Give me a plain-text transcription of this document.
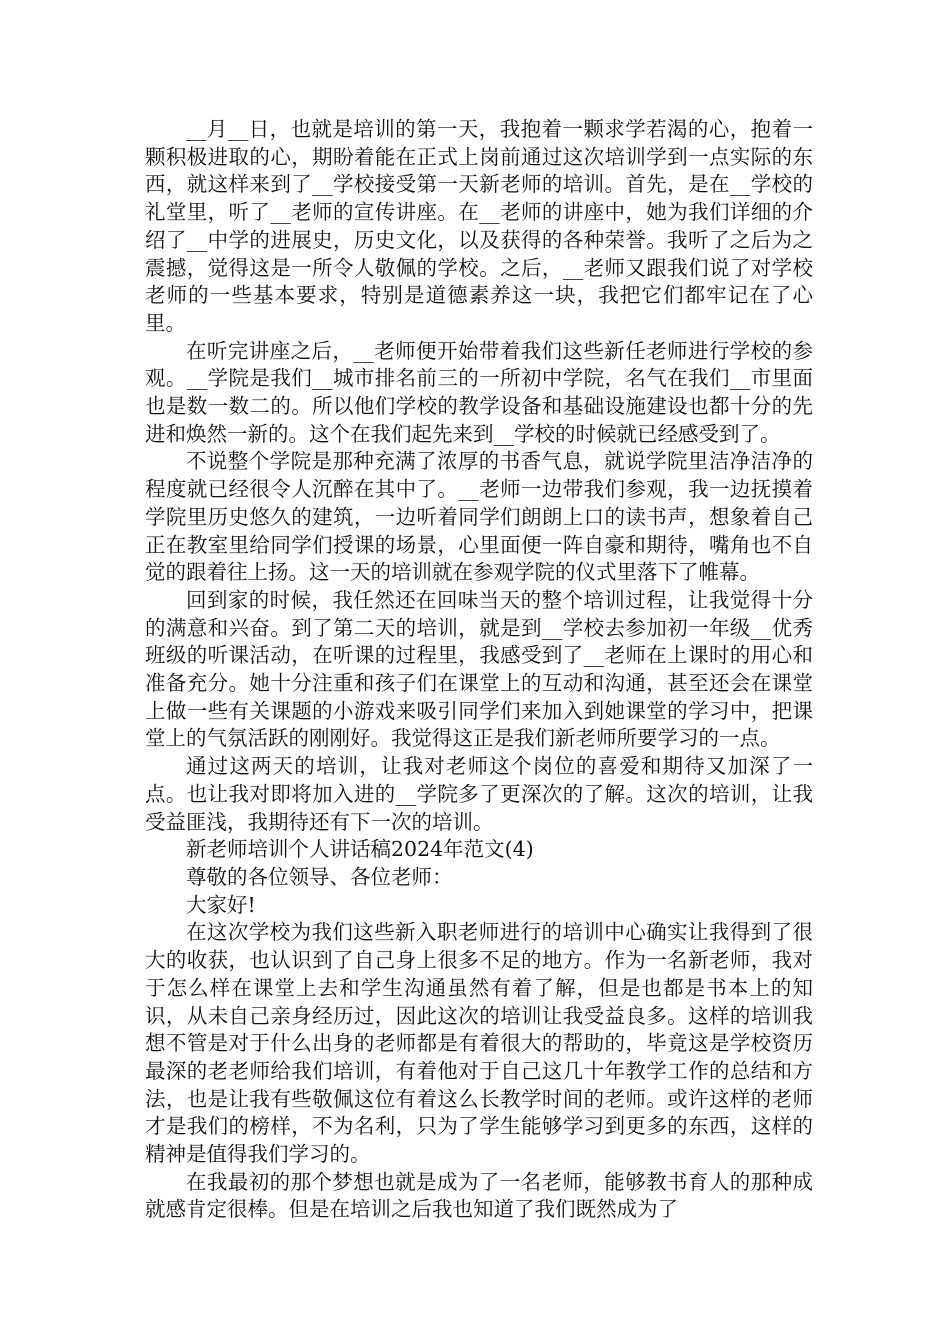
__月__日，也就是培训的第一天，我抱着一颗求学若渴的心，抱着一颗积极进取的心，期盼着能在正式上岗前通过这次培训学到一点实际的东西，就这样来到了__学校接受第一天新老师的培训。首先，是在__学校的礼堂里，听了__老师的宣传讲座。在__老师的讲座中，她为我们详细的介绍了__中学的进展史，历史文化，以及获得的各种荣誉。我听了之后为之震撼，觉得这是一所令人敬佩的学校。之后，__老师又跟我们说了对学校老师的一些基本要求，特别是道德素养这一块，我把它们都牢记在了心里。

在听完讲座之后，__老师便开始带着我们这些新任老师进行学校的参观。__学院是我们__城市排名前三的一所初中学院，名气在我们__市里面也是数一数二的。所以他们学校的教学设备和基础设施建设也都十分的先进和焕然一新的。这个在我们起先来到__学校的时候就已经感受到了。

不说整个学院是那种充满了浓厚的书香气息，就说学院里洁净洁净的程度就已经很令人沉醉在其中了。__老师一边带我们参观，我一边抚摸着学院里历史悠久的建筑，一边听着同学们朗朗上口的读书声，想象着自己正在教室里给同学们授课的场景，心里面便一阵自豪和期待，嘴角也不自觉的跟着往上扬。这一天的培训就在参观学院的仪式里落下了帷幕。

回到家的时候，我任然还在回味当天的整个培训过程，让我觉得十分的满意和兴奋。到了第二天的培训，就是到__学校去参加初一年级__优秀班级的听课活动，在听课的过程里，我感受到了__老师在上课时的用心和准备充分。她十分注重和孩子们在课堂上的互动和沟通，甚至还会在课堂上做一些有关课题的小游戏来吸引同学们来加入到她课堂的学习中，把课堂上的气氛活跃的刚刚好。我觉得这正是我们新老师所要学习的一点。

通过这两天的培训，让我对老师这个岗位的喜爱和期待又加深了一点。也让我对即将加入进的__学院多了更深次的了解。这次的培训，让我受益匪浅，我期待还有下一次的培训。

新老师培训个人讲话稿2024年范文(4)

尊敬的各位领导、各位老师：

大家好!

在这次学校为我们这些新入职老师进行的培训中心确实让我得到了很大的收获，也认识到了自己身上很多不足的地方。作为一名新老师，我对于怎么样在课堂上去和学生沟通虽然有着了解，但是也都是书本上的知识，从未自己亲身经历过，因此这次的培训让我受益良多。这样的培训我想不管是对于什么出身的老师都是有着很大的帮助的，毕竟这是学校资历最深的老老师给我们培训，有着他对于自己这几十年教学工作的总结和方法，也是让我有些敬佩这位有着这么长教学时间的老师。或许这样的老师才是我们的榜样，不为名利，只为了学生能够学习到更多的东西，这样的精神是值得我们学习的。

在我最初的那个梦想也就是成为了一名老师，能够教书育人的那种成就感肯定很棒。但是在培训之后我也知道了我们既然成为了
